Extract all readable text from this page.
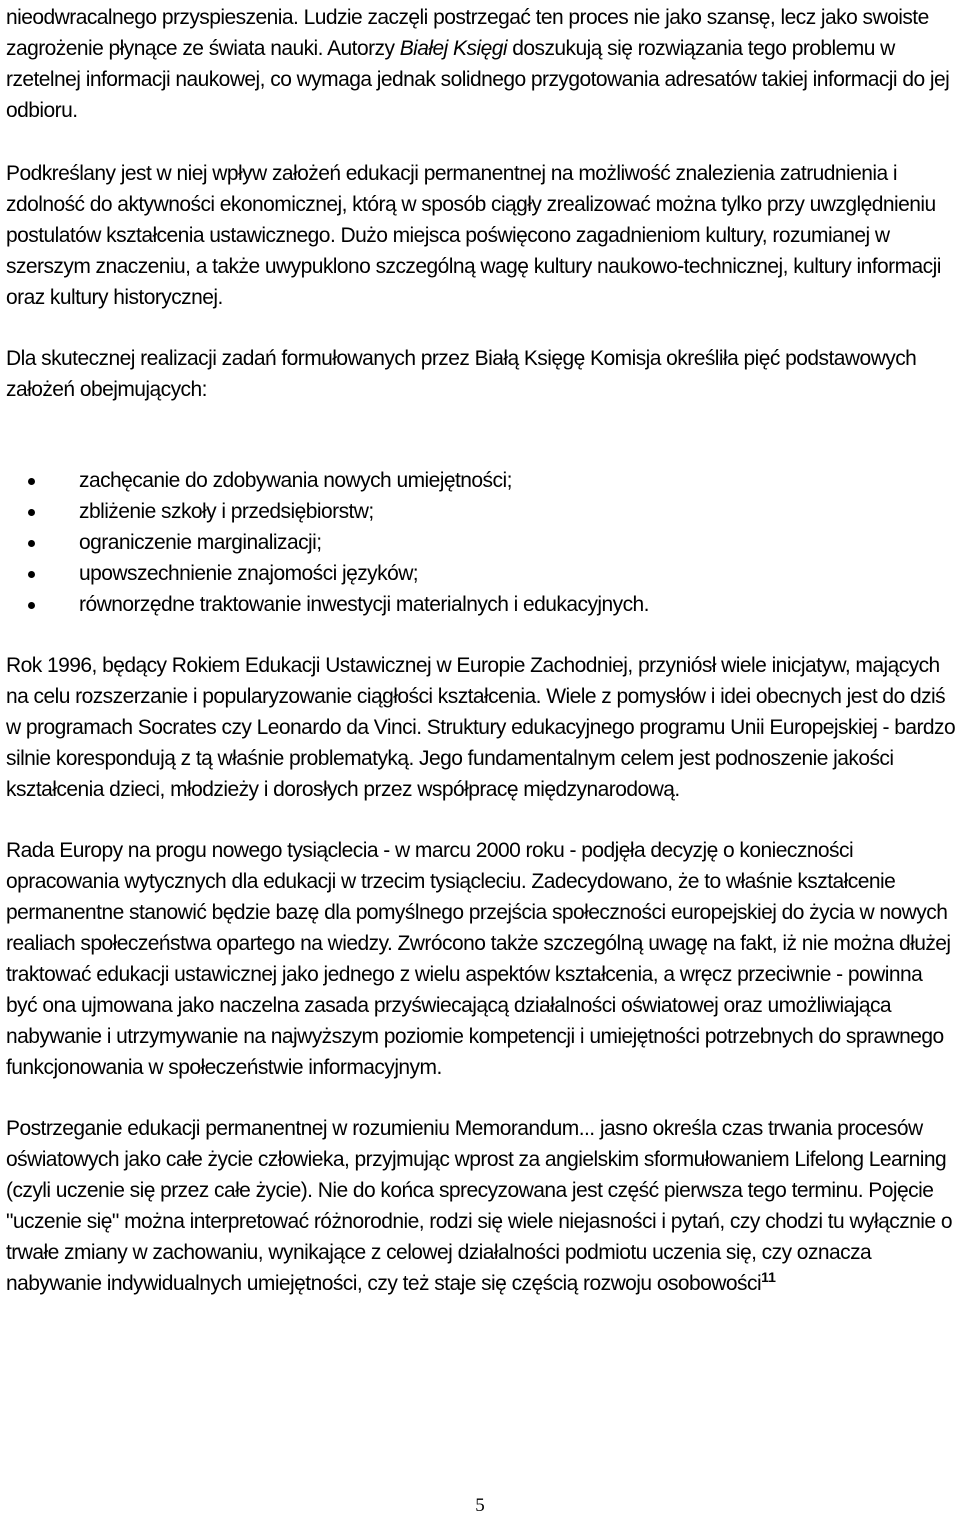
nieodwracalnego przyspieszenia. Ludzie zaczęli postrzegać ten proces nie jako szansę, lecz jako swoiste zagrożenie płynące ze świata nauki. Autorzy Białej Księgi doszukują się rozwiązania tego problemu w rzetelnej informacji naukowej, co wymaga jednak solidnego przygotowania adresatów takiej informacji do jej odbioru.

Podkreślany jest w niej wpływ założeń edukacji permanentnej na możliwość znalezienia zatrudnienia i zdolność do aktywności ekonomicznej, którą w sposób ciągły zrealizować można tylko przy uwzględnieniu postulatów kształcenia ustawicznego. Dużo miejsca poświęcono zagadnieniom kultury, rozumianej w szerszym znaczeniu, a także uwypuklono szczególną wagę kultury naukowo-technicznej, kultury informacji oraz kultury historycznej.

Dla skutecznej realizacji zadań formułowanych przez Białą Księgę Komisja określiła pięć podstawowych założeń obejmujących:

zachęcanie do zdobywania nowych umiejętności;
zbliżenie szkoły i przedsiębiorstw;
ograniczenie marginalizacji;
upowszechnienie znajomości języków;
równorzędne traktowanie inwestycji materialnych i edukacyjnych.

Rok 1996, będący Rokiem Edukacji Ustawicznej w Europie Zachodniej, przyniósł wiele inicjatyw, mających na celu rozszerzanie i popularyzowanie ciągłości kształcenia. Wiele z pomysłów i idei obecnych jest do dziś w programach Socrates czy Leonardo da Vinci. Struktury edukacyjnego programu Unii Europejskiej - bardzo silnie korespondują z tą właśnie problematyką. Jego fundamentalnym celem jest podnoszenie jakości kształcenia dzieci, młodzieży i dorosłych przez współpracę międzynarodową.

Rada Europy na progu nowego tysiąclecia - w marcu 2000 roku - podjęła decyzję o konieczności opracowania wytycznych dla edukacji w trzecim tysiącleciu. Zadecydowano, że to właśnie kształcenie permanentne stanowić będzie bazę dla pomyślnego przejścia społeczności europejskiej do życia w nowych realiach społeczeństwa opartego na wiedzy. Zwrócono także szczególną uwagę na fakt, iż nie można dłużej traktować edukacji ustawicznej jako jednego z wielu aspektów kształcenia, a wręcz przeciwnie - powinna być ona ujmowana jako naczelna zasada przyświecającą działalności oświatowej oraz umożliwiająca nabywanie i utrzymywanie na najwyższym poziomie kompetencji i umiejętności potrzebnych do sprawnego funkcjonowania w społeczeństwie informacyjnym.

Postrzeganie edukacji permanentnej w rozumieniu Memorandum... jasno określa czas trwania procesów oświatowych jako całe życie człowieka, przyjmując wprost za angielskim sformułowaniem Lifelong Learning (czyli uczenie się przez całe życie). Nie do końca sprecyzowana jest część pierwsza tego terminu. Pojęcie "uczenie się" można interpretować różnorodnie, rodzi się wiele niejasności i pytań, czy chodzi tu wyłącznie o trwałe zmiany w zachowaniu, wynikające z celowej działalności podmiotu uczenia się, czy oznacza nabywanie indywidualnych umiejętności, czy też staje się częścią rozwoju osobowości$^{11}$

5
